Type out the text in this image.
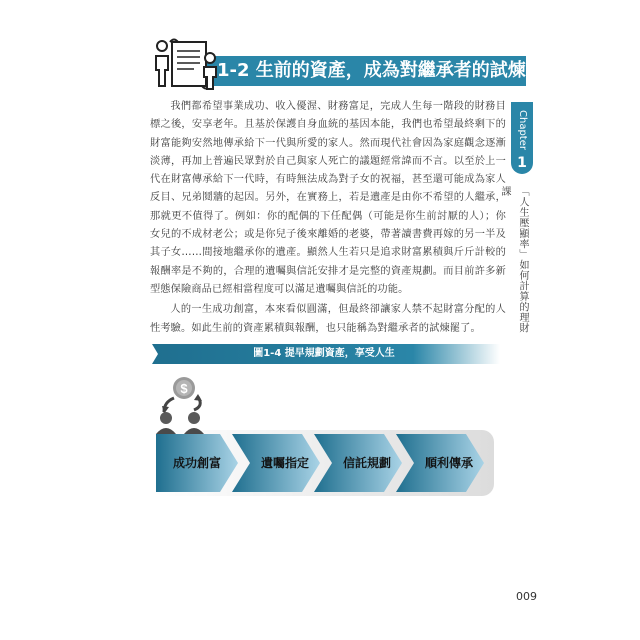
1-2 生前的資產，成為對繼承者的試煉
Chapter
1
「人生壓顯率」如何計算的理財課

我們都希望事業成功、收入優渥、財務富足，完成人生每一階段的財務目標之後，安享老年。且基於保護自身血統的基因本能，我們也希望最終剩下的財富能夠安然地傳承給下一代與所愛的家人。然而現代社會因為家庭觀念逐漸淡薄，再加上普遍民眾對於自己與家人死亡的議題經常諱而不言。以至於上一代在財富傳承給下一代時，有時無法成為對子女的祝福，甚至還可能成為家人反目、兄弟鬩牆的起因。另外，在實務上，若是遺產是由你不希望的人繼承，那就更不值得了。例如：你的配偶的下任配偶（可能是你生前討厭的人）；你女兒的不成材老公；或是你兒子後來離婚的老婆，帶著讀書費再嫁的另一半及其子女……間接地繼承你的遺產。顯然人生若只是追求財富累積與斤斤計較的報酬率是不夠的，合理的遺囑與信託安排才是完整的資產規劃。而目前許多新型態保險商品已經相當程度可以滿足遺囑與信託的功能。

人的一生成功創富，本來看似圓滿，但最終卻讓家人禁不起財富分配的人性考驗。如此生前的資產累積與報酬，也只能稱為對繼承者的試煉罷了。

圖1-4 提早規劃資產，享受人生
$
成功創富	遺囑指定	信託規劃	順利傳承
009
